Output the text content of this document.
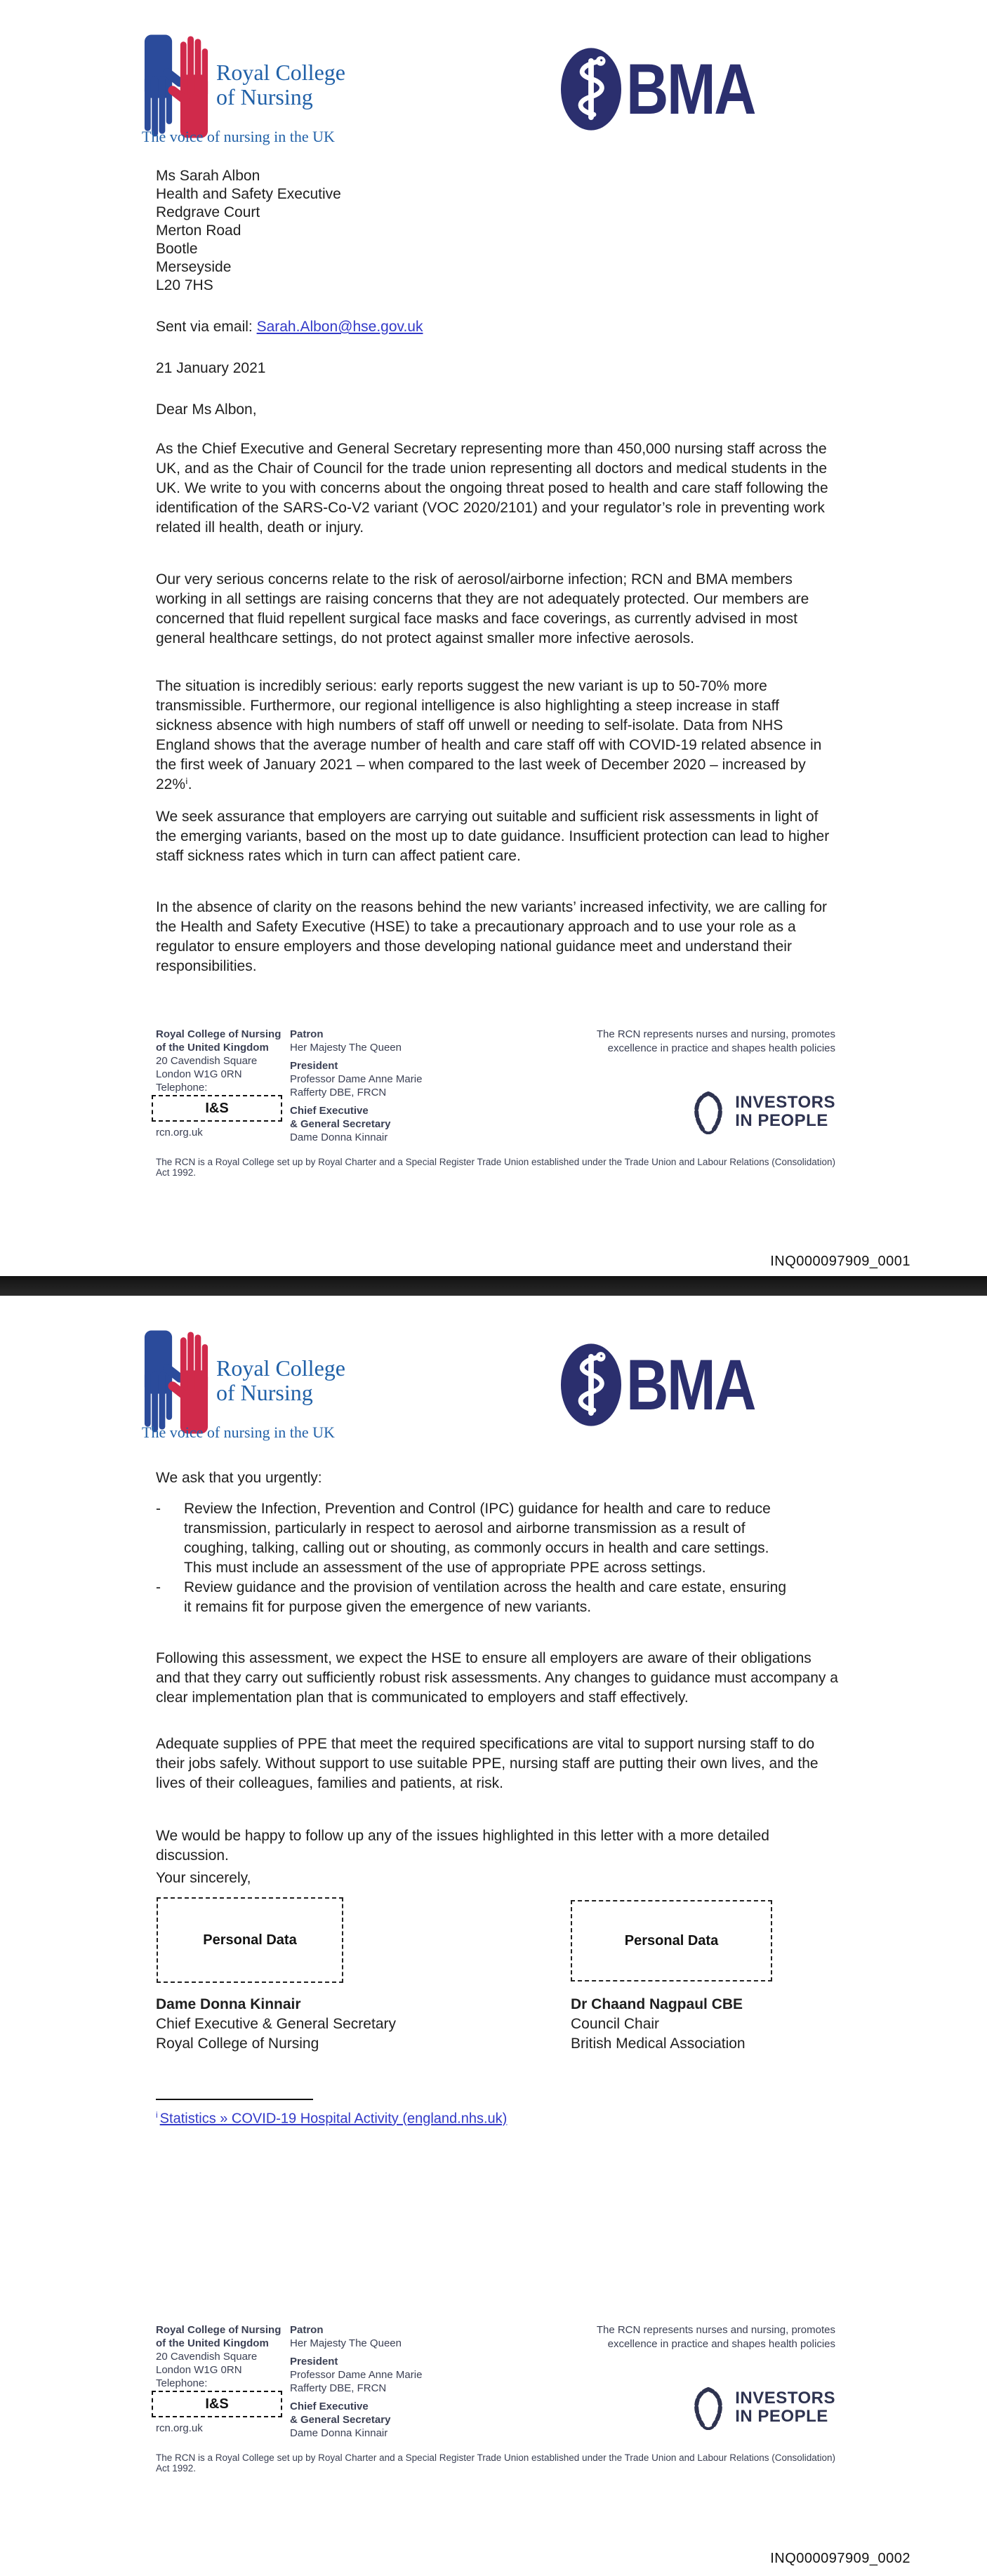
Royal College
of Nursing
The voice of nursing in the UK
BMA
Ms Sarah Albon
Health and Safety Executive
Redgrave Court
Merton Road
Bootle
Merseyside
L20 7HS
Sent via email: Sarah.Albon@hse.gov.uk
21 January 2021
Dear Ms Albon,
As the Chief Executive and General Secretary representing more than 450,000 nursing staff across the UK, and as the Chair of Council for the trade union representing all doctors and medical students in the UK. We write to you with concerns about the ongoing threat posed to health and care staff following the identification of the SARS-Co-V2 variant (VOC 2020/2101) and your regulator’s role in preventing work related ill health, death or injury.
Our very serious concerns relate to the risk of aerosol/airborne infection; RCN and BMA members working in all settings are raising concerns that they are not adequately protected. Our members are concerned that fluid repellent surgical face masks and face coverings, as currently advised in most general healthcare settings, do not protect against smaller more infective aerosols.
The situation is incredibly serious: early reports suggest the new variant is up to 50-70% more transmissible. Furthermore, our regional intelligence is also highlighting a steep increase in staff sickness absence with high numbers of staff off unwell or needing to self-isolate. Data from NHS England shows that the average number of health and care staff off with COVID-19 related absence in the first week of January 2021 – when compared to the last week of December 2020 – increased by 22%ⁱ.
We seek assurance that employers are carrying out suitable and sufficient risk assessments in light of the emerging variants, based on the most up to date guidance. Insufficient protection can lead to higher staff sickness rates which in turn can affect patient care.
In the absence of clarity on the reasons behind the new variants’ increased infectivity, we are calling for the Health and Safety Executive (HSE) to take a precautionary approach and to use your role as a regulator to ensure employers and those developing national guidance meet and understand their responsibilities.
Royal College of Nursing
of the United Kingdom
20 Cavendish Square
London W1G 0RN
Telephone:
I&S
rcn.org.uk
Patron
Her Majesty The Queen
President
Professor Dame Anne Marie
Rafferty DBE, FRCN
Chief Executive
& General Secretary
Dame Donna Kinnair
The RCN represents nurses and nursing, promotes
excellence in practice and shapes health policies
INVESTORS
IN PEOPLE
The RCN is a Royal College set up by Royal Charter and a Special Register Trade Union established under the Trade Union and Labour Relations (Consolidation) Act 1992.
INQ000097909_0001
Royal College
of Nursing
The voice of nursing in the UK
BMA
We ask that you urgently:
-	Review the Infection, Prevention and Control (IPC) guidance for health and care to reduce transmission, particularly in respect to aerosol and airborne transmission as a result of coughing, talking, calling out or shouting, as commonly occurs in health and care settings. This must include an assessment of the use of appropriate PPE across settings.
-	Review guidance and the provision of ventilation across the health and care estate, ensuring it remains fit for purpose given the emergence of new variants.
Following this assessment, we expect the HSE to ensure all employers are aware of their obligations and that they carry out sufficiently robust risk assessments. Any changes to guidance must accompany a clear implementation plan that is communicated to employers and staff effectively.
Adequate supplies of PPE that meet the required specifications are vital to support nursing staff to do their jobs safely. Without support to use suitable PPE, nursing staff are putting their own lives, and the lives of their colleagues, families and patients, at risk.
We would be happy to follow up any of the issues highlighted in this letter with a more detailed discussion.
Your sincerely,
Personal Data	Personal Data
Dame Donna Kinnair
Chief Executive & General Secretary
Royal College of Nursing
Dr Chaand Nagpaul CBE
Council Chair
British Medical Association
$^i$ Statistics » COVID-19 Hospital Activity (england.nhs.uk)
Royal College of Nursing
of the United Kingdom
20 Cavendish Square
London W1G 0RN
Telephone:
I&S
rcn.org.uk
Patron
Her Majesty The Queen
President
Professor Dame Anne Marie
Rafferty DBE, FRCN
Chief Executive
& General Secretary
Dame Donna Kinnair
The RCN represents nurses and nursing, promotes
excellence in practice and shapes health policies
INVESTORS
IN PEOPLE
The RCN is a Royal College set up by Royal Charter and a Special Register Trade Union established under the Trade Union and Labour Relations (Consolidation) Act 1992.
INQ000097909_0002
